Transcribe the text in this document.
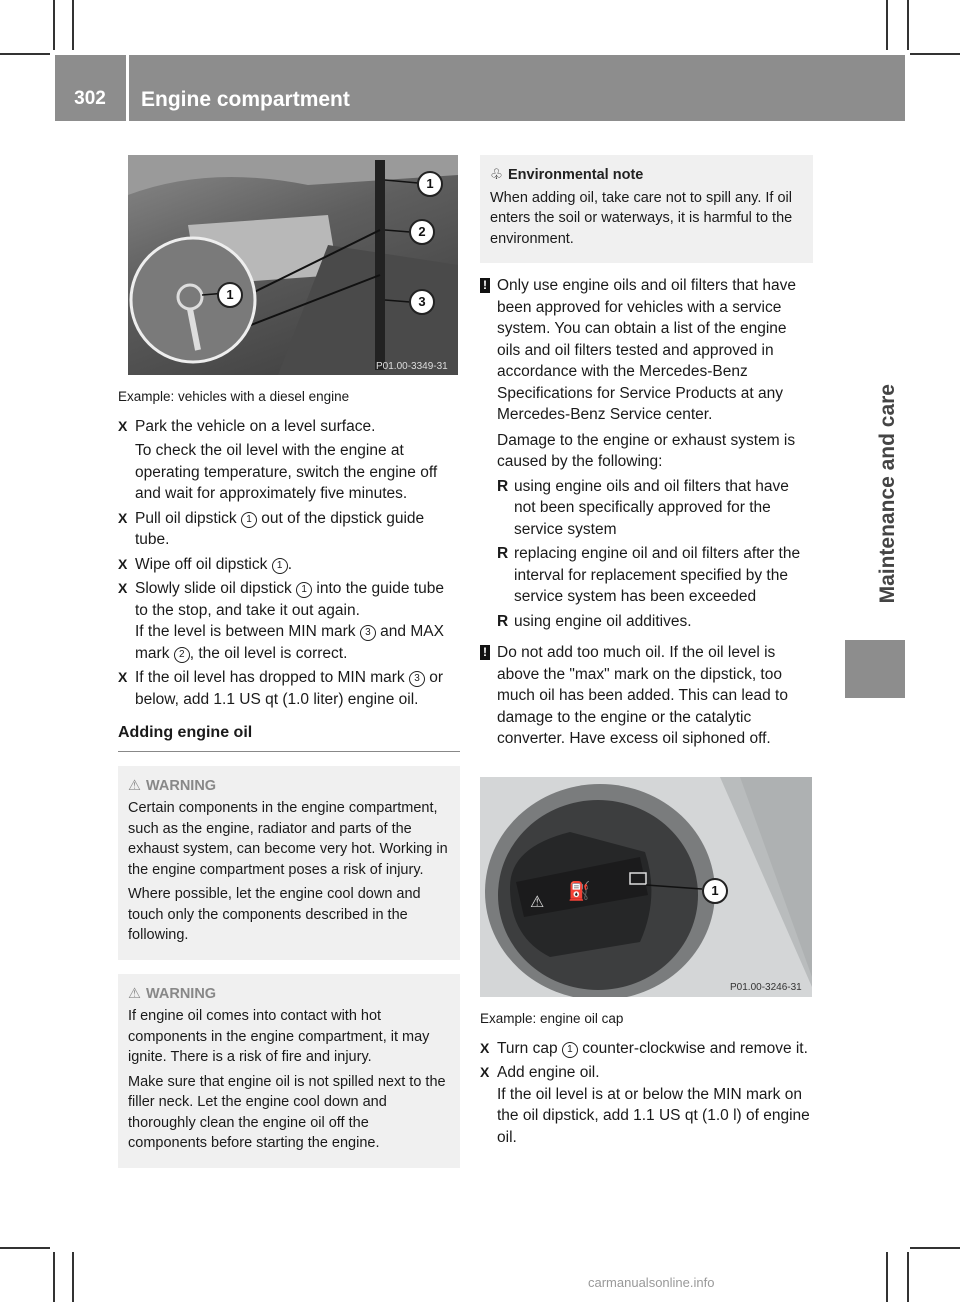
302	Engine compartment
Maintenance and care
1
2
3
1
P01.00-3349-31

Example: vehicles with a diesel engine

X Park the vehicle on a level surface.

To check the oil level with the engine at operating temperature, switch the engine off and wait for approximately five minutes.

X Pull oil dipstick 1 out of the dipstick guide tube.

X Wipe off oil dipstick 1 .

X Slowly slide oil dipstick 1 into the guide tube to the stop, and take it out again.

If the level is between MIN mark 3 and MAX mark 2 , the oil level is correct.

X If the oil level has dropped to MIN mark 3 or below, add 1.1 US qt (1.0 liter) engine oil.

Adding engine oil

⚠ WARNING

Certain components in the engine compartment, such as the engine, radiator and parts of the exhaust system, can become very hot. Working in the engine compartment poses a risk of injury.

Where possible, let the engine cool down and touch only the components described in the following.

⚠ WARNING

If engine oil comes into contact with hot components in the engine compartment, it may ignite. There is a risk of fire and injury.

Make sure that engine oil is not spilled next to the filler neck. Let the engine cool down and thoroughly clean the engine oil off the components before starting the engine.

♧ Environmental note

When adding oil, take care not to spill any. If oil enters the soil or waterways, it is harmful to the environment.

! Only use engine oils and oil filters that have been approved for vehicles with a service system. You can obtain a list of the engine oils and oil filters tested and approved in accordance with the Mercedes-Benz Specifications for Service Products at any Mercedes-Benz Service center.

Damage to the engine or exhaust system is caused by the following:

R using engine oils and oil filters that have not been specifically approved for the service system

R replacing engine oil and oil filters after the interval for replacement specified by the service system has been exceeded

R using engine oil additives.

! Do not add too much oil. If the oil level is above the "max" mark on the dipstick, too much oil has been added. This can lead to damage to the engine or the catalytic converter. Have excess oil siphoned off.

⚠ ⛽	1
P01.00-3246-31

Example: engine oil cap

X Turn cap 1 counter-clockwise and remove it.

X Add engine oil.

If the oil level is at or below the MIN mark on the oil dipstick, add 1.1 US qt (1.0 l) of engine oil.

carmanualsonline.info
